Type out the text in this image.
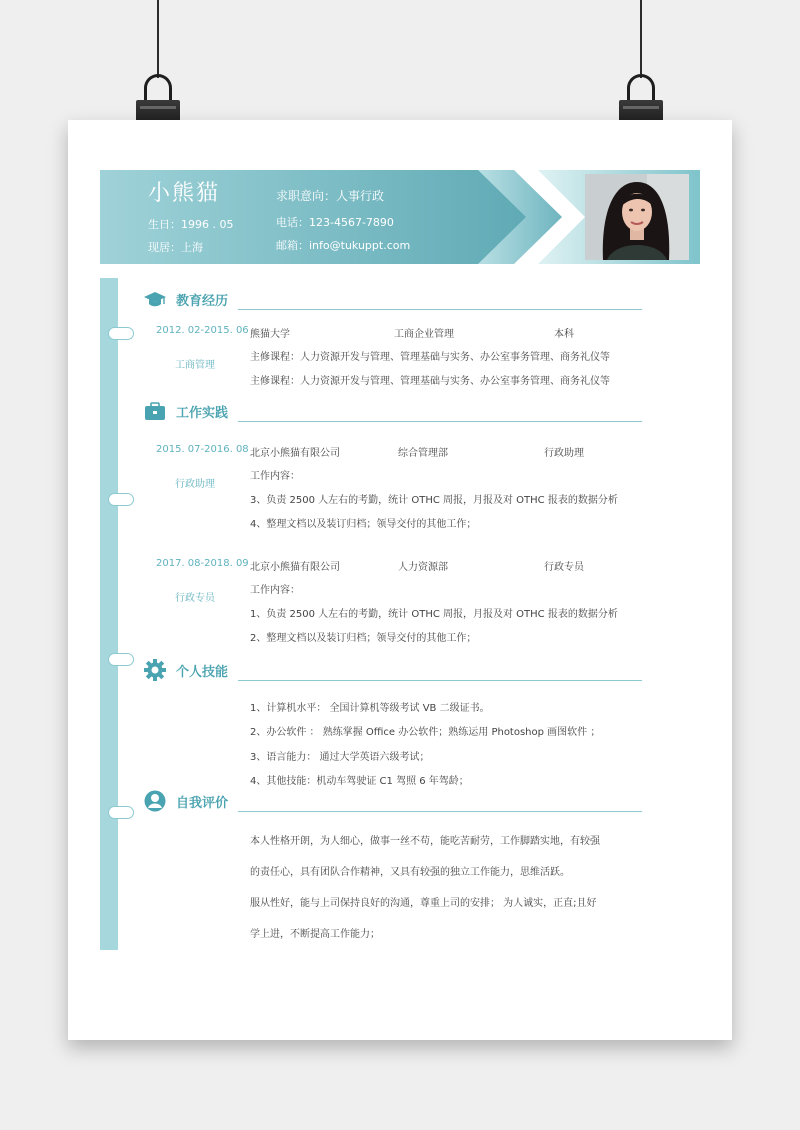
小熊猫
生日：1996 . 05
现居：上海
求职意向：人事行政
电话：123-4567-7890
邮箱：info@tukuppt.com
教育经历
2012. 02-2015. 06
工商管理
熊猫大学	工商企业管理	本科
主修课程：人力资源开发与管理、管理基础与实务、办公室事务管理、商务礼仪等
主修课程：人力资源开发与管理、管理基础与实务、办公室事务管理、商务礼仪等
工作实践
2015. 07-2016. 08
行政助理
北京小熊猫有限公司	综合管理部	行政助理
工作内容：
3、负责 2500 人左右的考勤，统计 OTHC 周报，月报及对 OTHC 报表的数据分析
4、整理文档以及装订归档；领导交付的其他工作；
2017. 08-2018. 09
行政专员
北京小熊猫有限公司	人力资源部	行政专员
工作内容：
1、负责 2500 人左右的考勤，统计 OTHC 周报，月报及对 OTHC 报表的数据分析
2、整理文档以及装订归档；领导交付的其他工作；
个人技能
1、计算机水平： 全国计算机等级考试 VB 二级证书。
2、办公软件 ： 熟练掌握 Office 办公软件；熟练运用 Photoshop 画图软件 ；
3、语言能力： 通过大学英语六级考试；
4、其他技能：机动车驾驶证 C1 驾照 6 年驾龄；
自我评价
本人性格开朗，为人细心，做事一丝不苟，能吃苦耐劳，工作脚踏实地，有较强
的责任心，具有团队合作精神，又具有较强的独立工作能力，思维活跃。
服从性好，能与上司保持良好的沟通，尊重上司的安排； 为人诚实，正直;且好
学上进，不断提高工作能力；
